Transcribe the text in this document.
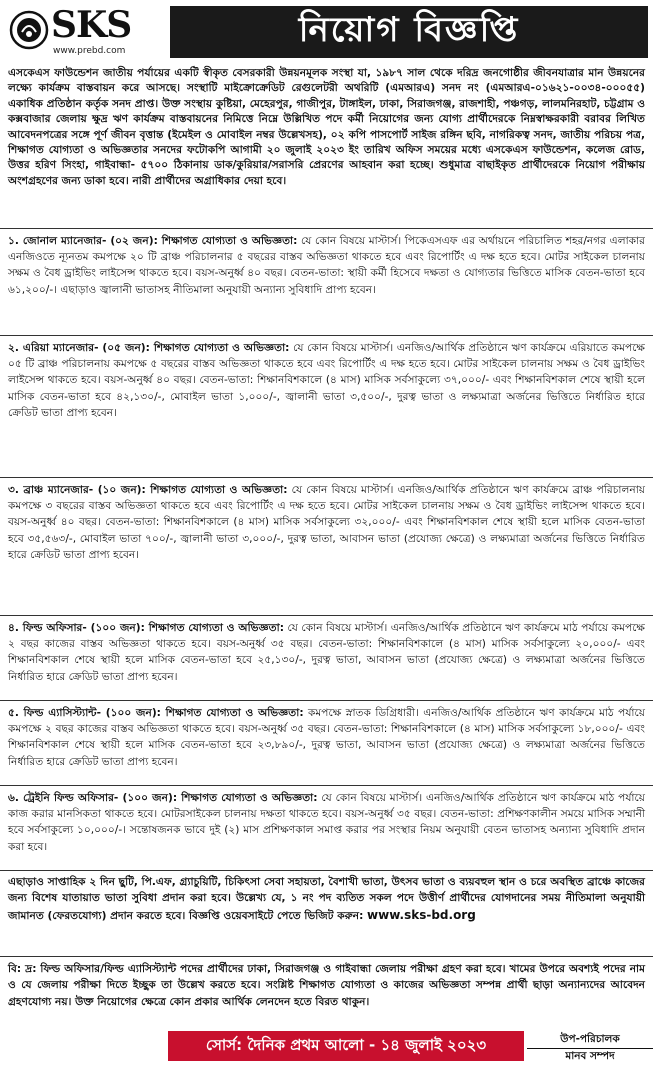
SKS
www.prebd.com
নিয়োগ বিজ্ঞপ্তি
এসকেএস ফাউন্ডেশন জাতীয় পর্যায়ের একটি স্বীকৃত বেসরকারী উন্নয়নমূলক সংস্থা যা, ১৯৮৭ সাল থেকে দরিদ্র জনগোষ্ঠীর জীবনযাত্রার মান উন্নয়নের লক্ষ্যে কার্যক্রম বাস্তবায়ন করে আসছে। সংস্থাটি মাইক্রোক্রেডিট রেগুলেটরী অথরিটি (এমআরএ) সনদ নং (এমআরএ-০১৬২১-০০৩৪-০০০৫৫) একাধিক প্রতিষ্ঠান কর্তৃক সনদ প্রাপ্ত। উক্ত সংস্থায় কুষ্টিয়া, মেহেরপুর, গাজীপুর, টাঙ্গাইল, ঢাকা, সিরাজগঞ্জ, রাজশাহী, পঞ্চগড়, লালমনিরহাট, চট্টগ্রাম ও কক্সবাজার জেলায় ক্ষুদ্র ঋণ কার্যক্রম বাস্তবায়নের নিমিত্তে নিম্নে উল্লিখিত পদে কর্মী নিয়োগের জন্য যোগ্য প্রার্থীদেরকে নিম্নস্বাক্ষরকারী বরাবর লিখিত আবেদনপত্রের সঙ্গে পূর্ণ জীবন বৃত্তান্ত (ইমেইল ও মোবাইল নম্বর উল্লেখসহ), ০২ কপি পাসপোর্ট সাইজ রঙ্গিন ছবি, নাগরিকত্ব সনদ, জাতীয় পরিচয় পত্র, শিক্ষাগত যোগ্যতা ও অভিজ্ঞতার সনদের ফটোকপি আগামী ২০ জুলাই ২০২৩ ইং তারিখ অফিস সময়ের মধ্যে এসকেএস ফাউন্ডেশন, কলেজ রোড, উত্তর হরিণ সিংহা, গাইবান্ধা- ৫৭০০ ঠিকানায় ডাক/কুরিয়ার/সরাসরি প্রেরণের আহবান করা হচ্ছে। শুধুমাত্র বাছাইকৃত প্রার্থীদেরকে নিয়োগ পরীক্ষায় অংশগ্রহণের জন্য ডাকা হবে। নারী প্রার্থীদের অগ্রাধিকার দেয়া হবে।
১. জোনাল ম্যানেজার- (০২ জন): শিক্ষাগত যোগ্যতা ও অভিজ্ঞতা: যে কোন বিষয়ে মাস্টার্স। পিকেএসএফ এর অর্থায়নে পরিচালিত শহর/নগর এলাকার এনজিওতে ন্যূনতম কমপক্ষে ২০ টি ব্রাঞ্চ পরিচালনার ৫ বছরের বাস্তব অভিজ্ঞতা থাকতে হবে এবং রিপোর্টিং এ দক্ষ হতে হবে। মোটর সাইকেল চালনায় সক্ষম ও বৈধ ড্রাইভিং লাইসেন্স থাকতে হবে। বয়স-অনুর্ধ্ব ৪০ বছর। বেতন-ভাতা: স্থায়ী কর্মী হিসেবে দক্ষতা ও যোগ্যতার ভিত্তিতে মাসিক বেতন-ভাতা হবে ৬১,২০০/-। এছাড়াও জ্বালানী ভাতাসহ নীতিমালা অনুযায়ী অন্যান্য সুবিধাদি প্রাপ্য হবেন।
২. এরিয়া ম্যানেজার- (০৫ জন): শিক্ষাগত যোগ্যতা ও অভিজ্ঞতা: যে কোন বিষয়ে মাস্টার্স। এনজিও/আর্থিক প্রতিষ্ঠানে ঋণ কার্যক্রমে এরিয়াতে কমপক্ষে ০৫ টি ব্রাঞ্চ পরিচালনায় কমপক্ষে ৫ বছরের বাস্তব অভিজ্ঞতা থাকতে হবে এবং রিপোর্টিং এ দক্ষ হতে হবে। মোটর সাইকেল চালনায় সক্ষম ও বৈধ ড্রাইভিং লাইসেন্স থাকতে হবে। বয়স-অনুর্ধ্ব ৪০ বছর। বেতন-ভাতা: শিক্ষানবিশকালে (৪ মাস) মাসিক সর্বসাকুল্যে ৩৭,০০০/- এবং শিক্ষানবিশকাল শেষে স্থায়ী হলে মাসিক বেতন-ভাতা হবে ৪২,১৩০/-, মোবাইল ভাতা ১,০০০/-, জ্বালানী ভাতা ৩,৫০০/-, দুরত্ব ভাতা ও লক্ষ্যমাত্রা অর্জনের ভিত্তিতে নির্ধারিত হারে ক্রেডিট ভাতা প্রাপ্য হবেন।
৩. ব্রাঞ্চ ম্যানেজার- (১০ জন): শিক্ষাগত যোগ্যতা ও অভিজ্ঞতা: যে কোন বিষয়ে মাস্টার্স। এনজিও/আর্থিক প্রতিষ্ঠানে ঋণ কার্যক্রমে ব্রাঞ্চ পরিচালনায় কমপক্ষে ৩ বছরের বাস্তব অভিজ্ঞতা থাকতে হবে এবং রিপোর্টিং এ দক্ষ হতে হবে। মোটর সাইকেল চালনায় সক্ষম ও বৈধ ড্রাইভিং লাইসেন্স থাকতে হবে। বয়স-অনুর্ধ্ব ৪০ বছর। বেতন-ভাতা: শিক্ষানবিশকালে (৪ মাস) মাসিক সর্বসাকুল্যে ৩২,০০০/- এবং শিক্ষানবিশকাল শেষে স্থায়ী হলে মাসিক বেতন-ভাতা হবে ৩৫,৫৬৩/-, মোবাইল ভাতা ৭০০/-, জ্বালানী ভাতা ৩,০০০/-, দুরত্ব ভাতা, আবাসন ভাতা (প্রযোজ্য ক্ষেত্রে) ও লক্ষ্যমাত্রা অর্জনের ভিত্তিতে নির্ধারিত হারে ক্রেডিট ভাতা প্রাপ্য হবেন।
৪. ফিল্ড অফিসার- (১০০ জন): শিক্ষাগত যোগ্যতা ও অভিজ্ঞতা: যে কোন বিষয়ে মাস্টার্স। এনজিও/আর্থিক প্রতিষ্ঠানে ঋণ কার্যক্রমে মাঠ পর্যায়ে কমপক্ষে ২ বছর কাজের বাস্তব অভিজ্ঞতা থাকতে হবে। বয়স-অনুর্ধ্ব ৩৫ বছর। বেতন-ভাতা: শিক্ষানবিশকালে (৪ মাস) মাসিক সর্বসাকুল্যে ২০,০০০/- এবং শিক্ষানবিশকাল শেষে স্থায়ী হলে মাসিক বেতন-ভাতা হবে ২৫,১৩০/-, দুরত্ব ভাতা, আবাসন ভাতা (প্রযোজ্য ক্ষেত্রে) ও লক্ষ্যমাত্রা অর্জনের ভিত্তিতে নির্ধারিত হারে ক্রেডিট ভাতা প্রাপ্য হবেন।
৫. ফিল্ড এ্যাসিস্ট্যান্ট- (১০০ জন): শিক্ষাগত যোগ্যতা ও অভিজ্ঞতা: কমপক্ষে স্নাতক ডিগ্রিধারী। এনজিও/আর্থিক প্রতিষ্ঠানে ঋণ কার্যক্রমে মাঠ পর্যায়ে কমপক্ষে ২ বছর কাজের বাস্তব অভিজ্ঞতা থাকতে হবে। বয়স-অনুর্ধ্ব ৩৫ বছর। বেতন-ভাতা: শিক্ষানবিশকালে (৪ মাস) মাসিক সর্বসাকুল্যে ১৮,০০০/- এবং শিক্ষানবিশকাল শেষে স্থায়ী হলে মাসিক বেতন-ভাতা হবে ২৩,৮৯০/-, দুরত্ব ভাতা, আবাসন ভাতা (প্রযোজ্য ক্ষেত্রে) ও লক্ষ্যমাত্রা অর্জনের ভিত্তিতে নির্ধারিত হারে ক্রেডিট ভাতা প্রাপ্য হবেন।
৬. ট্রেইনি ফিল্ড অফিসার- (১০০ জন): শিক্ষাগত যোগ্যতা ও অভিজ্ঞতা: যে কোন বিষয়ে মাস্টার্স। এনজিও/আর্থিক প্রতিষ্ঠানে ঋণ কার্যক্রমে মাঠ পর্যায়ে কাজ করার মানসিকতা থাকতে হবে। মোটরসাইকেল চালনায় দক্ষতা থাকতে হবে। বয়স-অনুর্ধ্ব ৩৫ বছর। বেতন-ভাতা: প্রশিক্ষণকালীন সময়ে মাসিক সম্মানী হবে সর্বসাকুল্যে ১০,০০০/-। সন্তোষজনক ভাবে দুই (২) মাস প্রশিক্ষণকাল সমাপ্ত করার পর সংস্থার নিয়ম অনুযায়ী বেতন ভাতাসহ অন্যান্য সুবিধাদি প্রদান করা হবে।
এছাড়াও সাপ্তাহিক ২ দিন ছুটি, পি.এফ, গ্র্যাচুয়িটি, চিকিৎসা সেবা সহায়তা, বৈশাখী ভাতা, উৎসব ভাতা ও ব্যয়বহুল স্থান ও চরে অবস্থিত ব্রাঞ্চে কাজের জন্য বিশেষ যাতায়াত ভাতা সুবিধা প্রদান করা হবে। উল্লেখ্য যে, ১ নং পদ ব্যতিত সকল পদে উত্তীর্ণ প্রার্থীদের যোগদানের সময় নীতিমালা অনুযায়ী জামানত (ফেরতযোগ্য) প্রদান করতে হবে। বিজ্ঞপ্তি ওয়েবসাইটে পেতে ভিজিট করুন: www.sks-bd.org
বি: দ্র: ফিল্ড অফিসার/ফিল্ড এ্যাসিস্ট্যান্ট পদের প্রার্থীদের ঢাকা, সিরাজগঞ্জ ও গাইবান্ধা জেলায় পরীক্ষা গ্রহণ করা হবে। খামের উপরে অবশ্যই পদের নাম ও যে জেলায় পরীক্ষা দিতে ইচ্ছুক তা উল্লেখ করতে হবে। সংশ্লিষ্ট শিক্ষাগত যোগ্যতা ও কাজের অভিজ্ঞতা সম্পন্ন প্রার্থী ছাড়া অন্যান্যদের আবেদন গ্রহণযোগ্য নয়। উক্ত নিয়োগের ক্ষেত্রে কোন প্রকার আর্থিক লেনদেন হতে বিরত থাকুন।
সোর্স: দৈনিক প্রথম আলো - ১৪ জুলাই ২০২৩	উপ-পরিচালক
মানব সম্পদ
